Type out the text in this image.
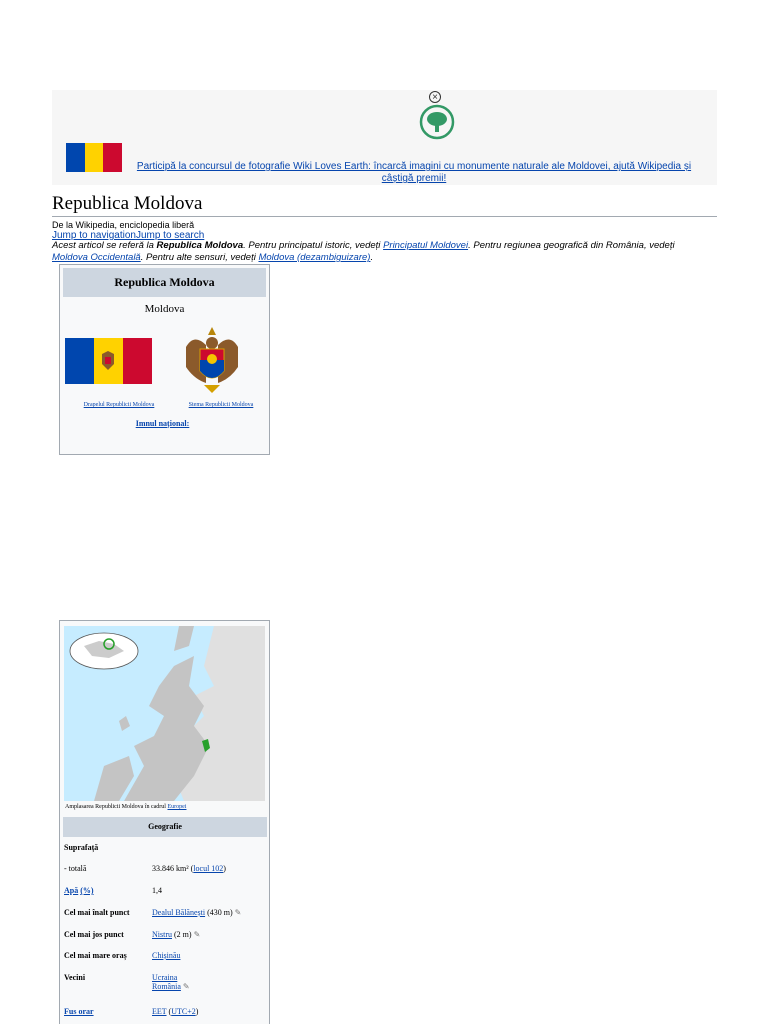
×
Participă la concursul de fotografie Wiki Loves Earth: încarcă imagini cu monumente naturale ale Moldovei, ajută Wikipedia și câștigă premii!
Republica Moldova
De la Wikipedia, enciclopedia liberă
Jump to navigationJump to search
Acest articol se referă la Republica Moldova. Pentru principatul istoric, vedeți Principatul Moldovei. Pentru regiunea geografică din România, vedeți Moldova Occidentală. Pentru alte sensuri, vedeți Moldova (dezambiguizare).
Republica Moldova
Moldova
Drapelul Republicii Moldova	Stema Republicii Moldova
Imnul național:
Amplasarea Republicii Moldova în cadrul Europei
Geografie
Suprafață
- totală	33.846 km² (locul 102)
Apă (%)	1,4
Cel mai înalt punct	Dealul Bălănești (430 m) ✎
Cel mai jos punct	Nistru (2 m) ✎
Cel mai mare oraș	Chișinău
Vecini	Ucraina
România ✎
Fus orar	EET (UTC+2)
